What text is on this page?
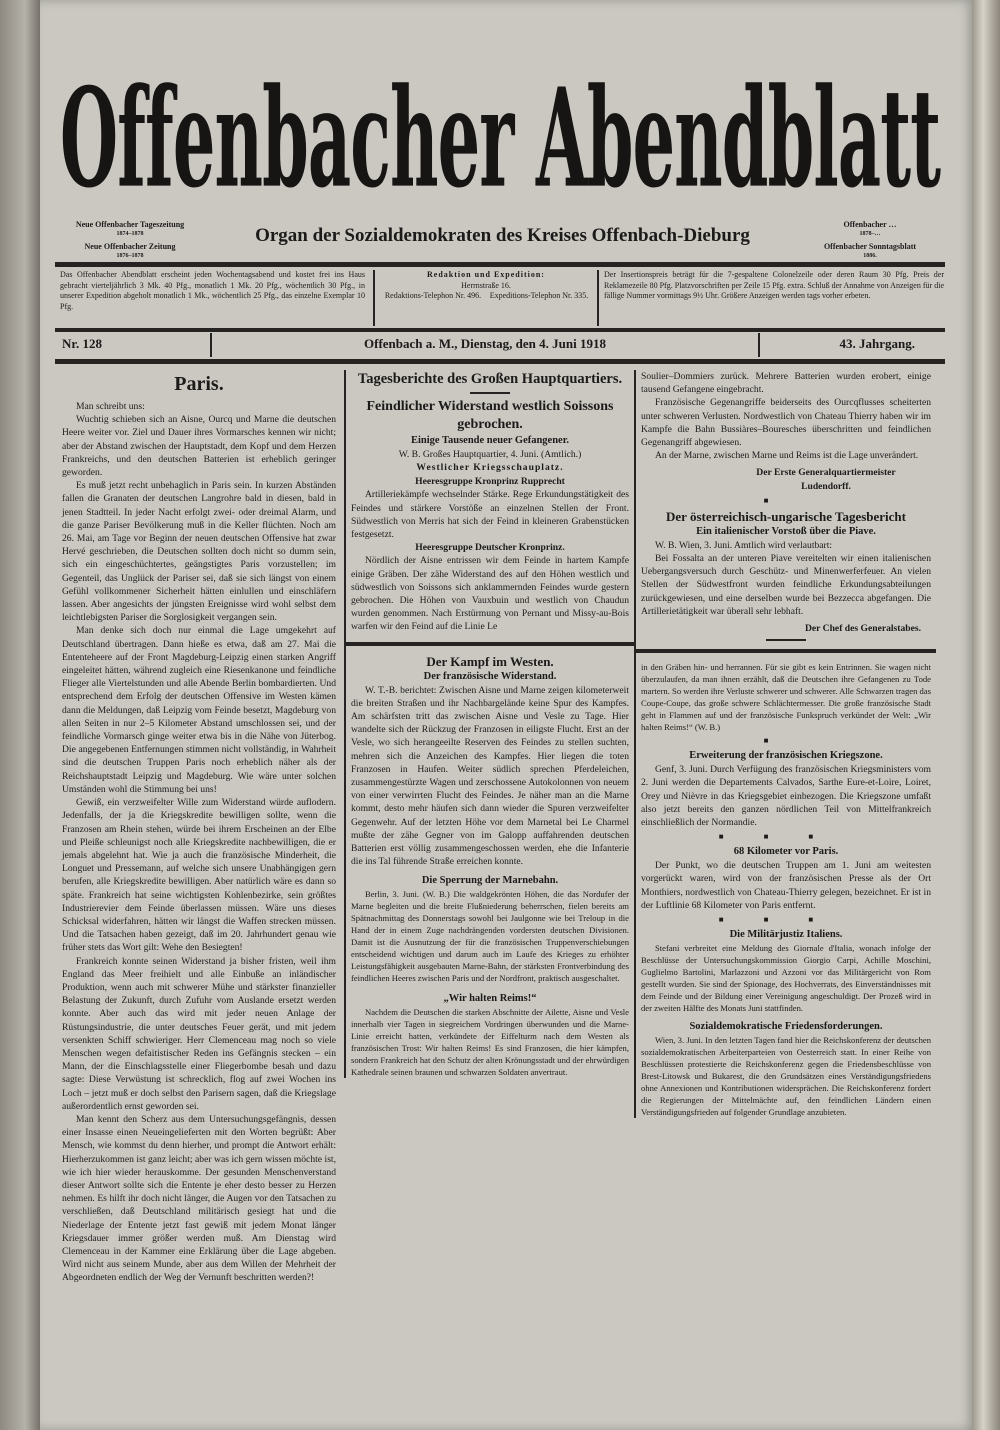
Offenbacher Abendblatt
Neue Offenbacher Tageszeitung
1874–1878
Neue Offenbacher Zeitung
1876–1878
Organ der Sozialdemokraten des Kreises Offenbach-Dieburg
Offenbacher …
1878–…
Offenbacher Sonntagsblatt
1886.
Das Offenbacher Abendblatt erscheint jeden Wochentagsabend und kostet frei ins Haus gebracht vierteljährlich 3 Mk. 40 Pfg., monatlich 1 Mk. 20 Pfg., wöchentlich 30 Pfg., in unserer Expedition abgeholt monatlich 1 Mk., wöchentlich 25 Pfg., das einzelne Exemplar 10 Pfg.
Redaktion und Expedition:
Herrnstraße 16.
Redaktions-Telephon Nr. 496. Expeditions-Telephon Nr. 335.
Der Insertionspreis beträgt für die 7-gespaltene Colonelzeile oder deren Raum 30 Pfg. Preis der Reklamezeile 80 Pfg. Platzvorschriften per Zeile 15 Pfg. extra. Schluß der Annahme von Anzeigen für die fällige Nummer vormittags 9½ Uhr. Größere Anzeigen werden tags vorher erbeten.
Nr. 128	Offenbach a. M., Dienstag, den 4. Juni 1918	43. Jahrgang.
Paris.

Man schreibt uns:

Wuchtig schieben sich an Aisne, Ourcq und Marne die deutschen Heere weiter vor. Ziel und Dauer ihres Vormarsches kennen wir nicht; aber der Abstand zwischen der Hauptstadt, dem Kopf und dem Herzen Frankreichs, und den deutschen Batterien ist erheblich geringer geworden.

Es muß jetzt recht unbehaglich in Paris sein. In kurzen Abständen fallen die Granaten der deutschen Langrohre bald in diesen, bald in jenen Stadtteil. In jeder Nacht erfolgt zwei- oder dreimal Alarm, und die ganze Pariser Bevölkerung muß in die Keller flüchten. Noch am 26. Mai, am Tage vor Beginn der neuen deutschen Offensive hat zwar Hervé geschrieben, die Deutschen sollten doch nicht so dumm sein, sich ein eingeschüchtertes, geängstigtes Paris vorzustellen; im Gegenteil, das Unglück der Pariser sei, daß sie sich längst von einem Gefühl vollkommener Sicherheit hätten einlullen und einschläfern lassen. Aber angesichts der jüngsten Ereignisse wird wohl selbst dem leichtlebigsten Pariser die Sorglosigkeit vergangen sein.

Man denke sich doch nur einmal die Lage umgekehrt auf Deutschland übertragen. Dann hieße es etwa, daß am 27. Mai die Ententeheere auf der Front Magdeburg-Leipzig einen starken Angriff eingeleitet hätten, während zugleich eine Riesenkanone und feindliche Flieger alle Viertelstunden und alle Abende Berlin bombardierten. Und entsprechend dem Erfolg der deutschen Offensive im Westen kämen dann die Meldungen, daß Leipzig vom Feinde besetzt, Magdeburg von allen Seiten in nur 2–5 Kilometer Abstand umschlossen sei, und der feindliche Vormarsch ginge weiter etwa bis in die Nähe von Jüterbog. Die angegebenen Entfernungen stimmen nicht vollständig, in Wahrheit sind die deutschen Truppen Paris noch erheblich näher als der Reichshauptstadt Leipzig und Magdeburg. Wie wäre unter solchen Umständen wohl die Stimmung bei uns!

Gewiß, ein verzweifelter Wille zum Widerstand würde auflodern. Jedenfalls, der ja die Kriegskredite bewilligen sollte, wenn die Franzosen am Rhein stehen, würde bei ihrem Erscheinen an der Elbe und Pleiße schleunigst noch alle Kriegskredite nachbewilligen, die er jemals abgelehnt hat. Wie ja auch die französische Minderheit, die Longuet und Pressemann, auf welche sich unsere Unabhängigen gern berufen, alle Kriegskredite bewilligen. Aber natürlich wäre es dann so späte. Frankreich hat seine wichtigsten Kohlenbezirke, sein größtes Industrierevier dem Feinde überlassen müssen. Wäre uns dieses Schicksal widerfahren, hätten wir längst die Waffen strecken müssen. Und die Tatsachen haben gezeigt, daß im 20. Jahrhundert genau wie früher stets das Wort gilt: Wehe den Besiegten!

Frankreich konnte seinen Widerstand ja bisher fristen, weil ihm England das Meer freihielt und alle Einbuße an inländischer Produktion, wenn auch mit schwerer Mühe und stärkster finanzieller Belastung der Zukunft, durch Zufuhr vom Auslande ersetzt werden konnte. Aber auch das wird mit jeder neuen Anlage der Rüstungsindustrie, die unter deutsches Feuer gerät, und mit jedem versenkten Schiff schwieriger. Herr Clemenceau mag noch so viele Menschen wegen defaitistischer Reden ins Gefängnis stecken – ein Mann, der die Einschlagsstelle einer Fliegerbombe besah und dazu sagte: Diese Verwüstung ist schrecklich, flog auf zwei Wochen ins Loch – jetzt muß er doch selbst den Parisern sagen, daß die Kriegslage außerordentlich ernst geworden sei.

Man kennt den Scherz aus dem Untersuchungsgefängnis, dessen einer Insasse einen Neueingelieferten mit den Worten begrüßt: Aber Mensch, wie kommst du denn hierher, und prompt die Antwort erhält: Hierherzukommen ist ganz leicht; aber was ich gern wissen möchte ist, wie ich hier wieder herauskomme. Der gesunden Menschenverstand dieser Antwort sollte sich die Entente je eher desto besser zu Herzen nehmen. Es hilft ihr doch nicht länger, die Augen vor den Tatsachen zu verschließen, daß Deutschland militärisch gesiegt hat und die Niederlage der Entente jetzt fast gewiß mit jedem Monat länger Kriegsdauer immer größer werden muß. Am Dienstag wird Clemenceau in der Kammer eine Erklärung über die Lage abgeben. Wird nicht aus seinem Munde, aber aus dem Willen der Mehrheit der Abgeordneten endlich der Weg der Vernunft beschritten werden?!

Tagesberichte des Großen Hauptquartiers.
Feindlicher Widerstand westlich Soissons gebrochen.
Einige Tausende neuer Gefangener.
W. B. Großes Hauptquartier, 4. Juni. (Amtlich.)
Westlicher Kriegsschauplatz.
Heeresgruppe Kronprinz Rupprecht

Artilleriekämpfe wechselnder Stärke. Rege Erkundungstätigkeit des Feindes und stärkere Vorstöße an einzelnen Stellen der Front. Südwestlich von Merris hat sich der Feind in kleineren Grabenstücken festgesetzt.

Heeresgruppe Deutscher Kronprinz.

Nördlich der Aisne entrissen wir dem Feinde in hartem Kampfe einige Gräben. Der zähe Widerstand des auf den Höhen westlich und südwestlich von Soissons sich anklammernden Feindes wurde gestern gebrochen. Die Höhen von Vauxbuin und westlich von Chaudun wurden genommen. Nach Erstürmung von Pernant und Missy-au-Bois warfen wir den Feind auf die Linie Le

Der Kampf im Westen.
Der französische Widerstand.

W. T.-B. berichtet: Zwischen Aisne und Marne zeigen kilometerweit die breiten Straßen und ihr Nachbargelände keine Spur des Kampfes. Am schärfsten tritt das zwischen Aisne und Vesle zu Tage. Hier wandelte sich der Rückzug der Franzosen in eiligste Flucht. Erst an der Vesle, wo sich herangeeilte Reserven des Feindes zu stellen suchten, mehren sich die Anzeichen des Kampfes. Hier liegen die toten Franzosen in Haufen. Weiter südlich sprechen Pferdeleichen, zusammengestürzte Wagen und zerschossene Autokolonnen von neuem von einer verwirrten Flucht des Feindes. Je näher man an die Marne kommt, desto mehr häufen sich dann wieder die Spuren verzweifelter Gegenwehr. Auf der letzten Höhe vor dem Marnetal bei Le Charmel mußte der zähe Gegner von im Galopp auffahrenden deutschen Batterien erst völlig zusammengeschossen werden, ehe die Infanterie die ins Tal führende Straße erreichen konnte.

Die Sperrung der Marnebahn.

Berlin, 3. Juni. (W. B.) Die waldgekrönten Höhen, die das Nordufer der Marne begleiten und die breite Flußniederung beherrschen, fielen bereits am Spätnachmittag des Donnerstags sowohl bei Jaulgonne wie bei Treloup in die Hand der in einem Zuge nachdrängenden vordersten deutschen Divisionen. Damit ist die Ausnutzung der für die französischen Truppenverschiebungen entscheidend wichtigen und darum auch im Laufe des Krieges zu erhöhter Leistungsfähigkeit ausgebauten Marne-Bahn, der stärksten Frontverbindung des feindlichen Heeres zwischen Paris und der Nordfront, praktisch ausgeschaltet.

„Wir halten Reims!“

Nachdem die Deutschen die starken Abschnitte der Ailette, Aisne und Vesle innerhalb vier Tagen in siegreichem Vordringen überwunden und die Marne-Linie erreicht hatten, verkündete der Eiffelturm nach dem Westen als französischen Trost: Wir halten Reims! Es sind Franzosen, die hier kämpfen, sondern Frankreich hat den Schutz der alten Krönungsstadt und der ehrwürdigen Kathedrale seinen braunen und schwarzen Soldaten anvertraut.

Soulier–Dommiers zurück. Mehrere Batterien wurden erobert, einige tausend Gefangene eingebracht.

Französische Gegenangriffe beiderseits des Ourcqflusses scheiterten unter schweren Verlusten. Nordwestlich von Chateau Thierry haben wir im Kampfe die Bahn Bussiàres–Bouresches überschritten und feindlichen Gegenangriff abgewiesen.

An der Marne, zwischen Marne und Reims ist die Lage unverändert.

Der Erste Generalquartiermeister Ludendorff.
■
Der österreichisch-ungarische Tagesbericht
Ein italienischer Vorstoß über die Piave.

W. B. Wien, 3. Juni. Amtlich wird verlautbart:

Bei Fossalta an der unteren Piave vereitelten wir einen italienischen Uebergangsversuch durch Geschütz- und Minenwerferfeuer. An vielen Stellen der Südwestfront wurden feindliche Erkundungsabteilungen zurückgewiesen, und eine derselben wurde bei Bezzecca abgefangen. Die Artillerietätigkeit war überall sehr lebhaft.

Der Chef des Generalstabes.

in den Gräben hin- und herrannen. Für sie gibt es kein Entrinnen. Sie wagen nicht überzulaufen, da man ihnen erzählt, daß die Deutschen ihre Gefangenen zu Tode martern. So werden ihre Verluste schwerer und schwerer. Alle Schwarzen tragen das Coupe-Coupe, das große schwere Schlächtermesser. Die große französische Stadt geht in Flammen auf und der französische Funkspruch verkündet der Welt: „Wir halten Reims!“ (W. B.)

■
Erweiterung der französischen Kriegszone.

Genf, 3. Juni. Durch Verfügung des französischen Kriegsministers vom 2. Juni werden die Departements Calvados, Sarthe Eure-et-Loire, Loiret, Orey und Nièvre in das Kriegsgebiet einbezogen. Die Kriegszone umfaßt also jetzt bereits den ganzen nördlichen Teil von Mittelfrankreich einschließlich der Normandie.

■■■
68 Kilometer vor Paris.

Der Punkt, wo die deutschen Truppen am 1. Juni am weitesten vorgerückt waren, wird von der französischen Presse als der Ort Monthiers, nordwestlich von Chateau-Thierry gelegen, bezeichnet. Er ist in der Luftlinie 68 Kilometer von Paris entfernt.

■■■
Die Militärjustiz Italiens.

Stefani verbreitet eine Meldung des Giornale d'Italia, wonach infolge der Beschlüsse der Untersuchungskommission Giorgio Carpi, Achille Moschini, Guglielmo Bartolini, Marlazzoni und Azzoni vor das Militärgericht von Rom gestellt wurden. Sie sind der Spionage, des Hochverrats, des Einverständnisses mit dem Feinde und der Bildung einer Vereinigung angeschuldigt. Der Prozeß wird in der zweiten Hälfte des Monats Juni stattfinden.

Sozialdemokratische Friedensforderungen.

Wien, 3. Juni. In den letzten Tagen fand hier die Reichskonferenz der deutschen sozialdemokratischen Arbeiterparteien von Oesterreich statt. In einer Reihe von Beschlüssen protestierte die Reichskonferenz gegen die Friedensbeschlüsse von Brest-Litowsk und Bukarest, die den Grundsätzen eines Verständigungsfriedens ohne Annexionen und Kontributionen widersprächen. Die Reichskonferenz fordert die Regierungen der Mittelmächte auf, den feindlichen Ländern einen Verständigungsfrieden auf folgender Grundlage anzubieten.
